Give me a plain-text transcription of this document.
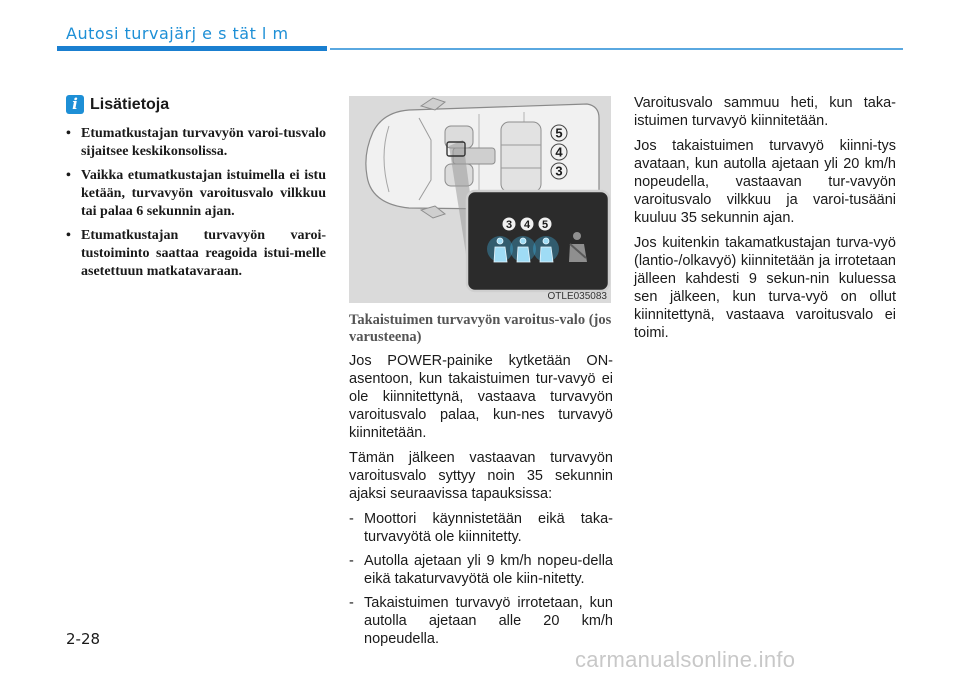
Autosi turvajärj e s tät l m
i Lisätietoja
• Etumatkustajan turvavyön varoi-tusvalo sijaitsee keskikonsolissa.
• Vaikka etumatkustajan istuimella ei istu ketään, turvavyön varoitusvalo vilkkuu tai palaa 6 sekunnin ajan.
• Etumatkustajan turvavyön varoi-tustoiminto saattaa reagoida istui-melle asetettuun matkatavaraan.
5
4
3
3 4 5
OTLE035083
Takaistuimen turvavyön varoitus-valo (jos varusteena)

Jos POWER-painike kytketään ON-asentoon, kun takaistuimen tur-vavyö ei ole kiinnitettynä, vastaava turvavyön varoitusvalo palaa, kun-nes turvavyö kiinnitetään.

Tämän jälkeen vastaavan turvavyön varoitusvalo syttyy noin 35 sekunnin ajaksi seuraavissa tapauksissa:

- Moottori käynnistetään eikä taka-turvavyötä ole kiinnitetty.
- Autolla ajetaan yli 9 km/h nopeu-della eikä takaturvavyötä ole kiin-nitetty.
- Takaistuimen turvavyö irrotetaan, kun autolla ajetaan alle 20 km/h nopeudella.

Varoitusvalo sammuu heti, kun taka-istuimen turvavyö kiinnitetään.

Jos takaistuimen turvavyö kiinni-tys avataan, kun autolla ajetaan yli 20 km/h nopeudella, vastaavan tur-vavyön varoitusvalo vilkkuu ja varoi-tusääni kuuluu 35 sekunnin ajan.

Jos kuitenkin takamatkustajan turva-vyö (lantio-/olkavyö) kiinnitetään ja irrotetaan jälleen kahdesti 9 sekun-nin kuluessa sen jälkeen, kun turva-vyö on ollut kiinnitettynä, vastaava varoitusvalo ei toimi.

2-28
carmanualsonline.info
